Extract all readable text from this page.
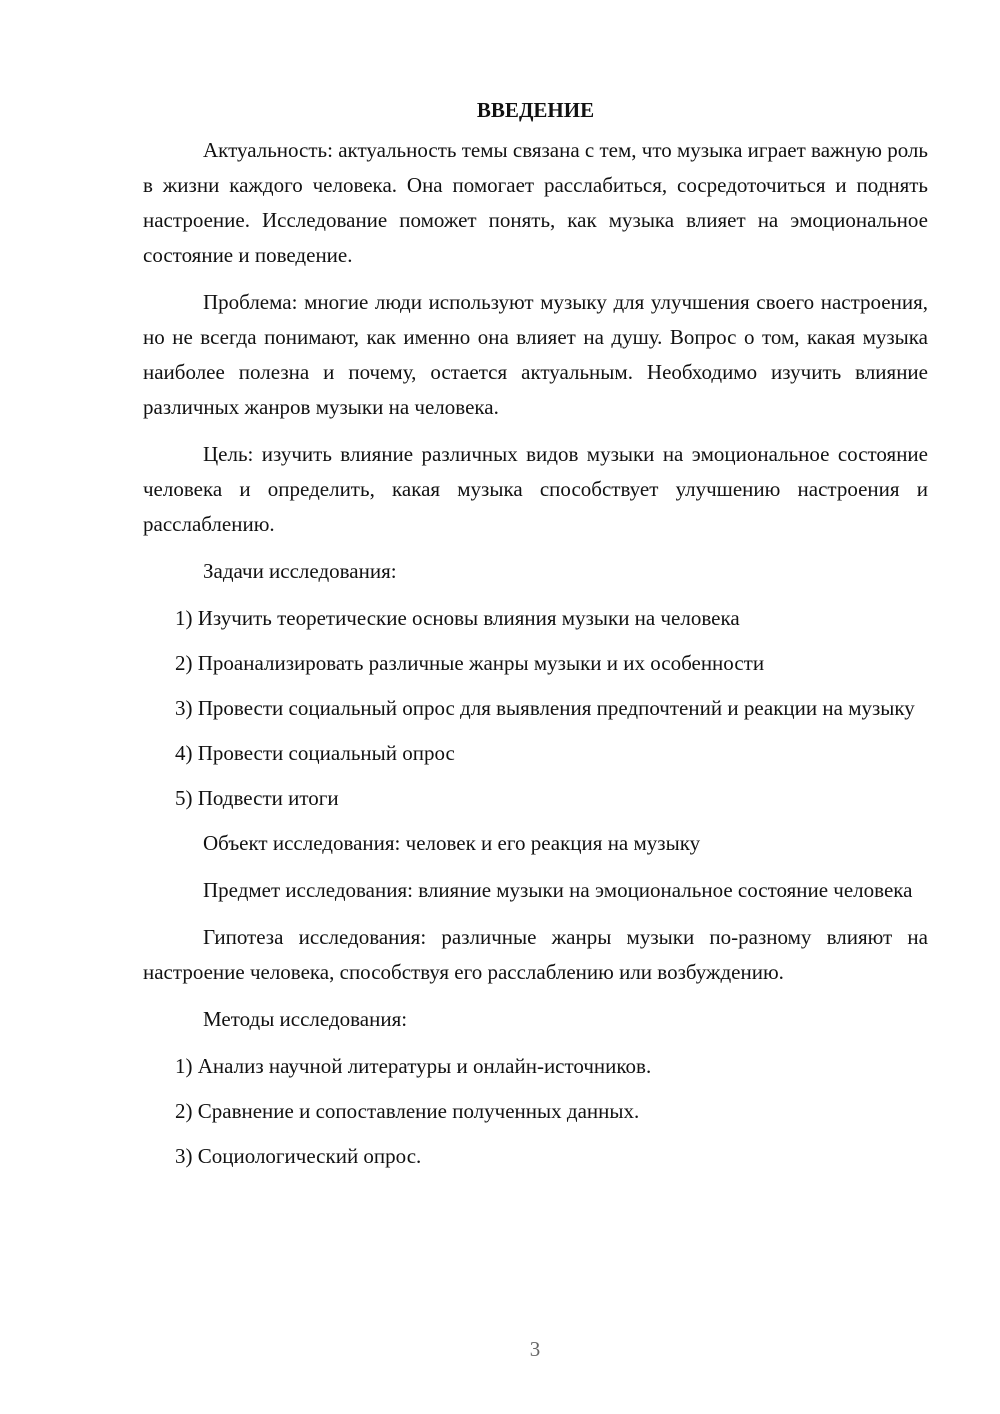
ВВЕДЕНИЕ

Актуальность: актуальность темы связана с тем, что музыка играет важную роль в жизни каждого человека. Она помогает расслабиться, сосредоточиться и поднять настроение. Исследование поможет понять, как музыка влияет на эмоциональное состояние и поведение.

Проблема: многие люди используют музыку для улучшения своего настроения, но не всегда понимают, как именно она влияет на душу. Вопрос о том, какая музыка наиболее полезна и почему, остается актуальным. Необходимо изучить влияние различных жанров музыки на человека.

Цель: изучить влияние различных видов музыки на эмоциональное состояние человека и определить, какая музыка способствует улучшению настроения и расслаблению.

Задачи исследования:

1) Изучить теоретические основы влияния музыки на человека

2) Проанализировать различные жанры музыки и их особенности

3) Провести социальный опрос для выявления предпочтений и реакции на музыку

4) Провести социальный опрос

5) Подвести итоги

Объект исследования: человек и его реакция на музыку

Предмет исследования: влияние музыки на эмоциональное состояние человека

Гипотеза исследования: различные жанры музыки по-разному влияют на настроение человека, способствуя его расслаблению или возбуждению.

Методы исследования:

1) Анализ научной литературы и онлайн-источников.

2) Сравнение и сопоставление полученных данных.

3) Социологический опрос.

3
